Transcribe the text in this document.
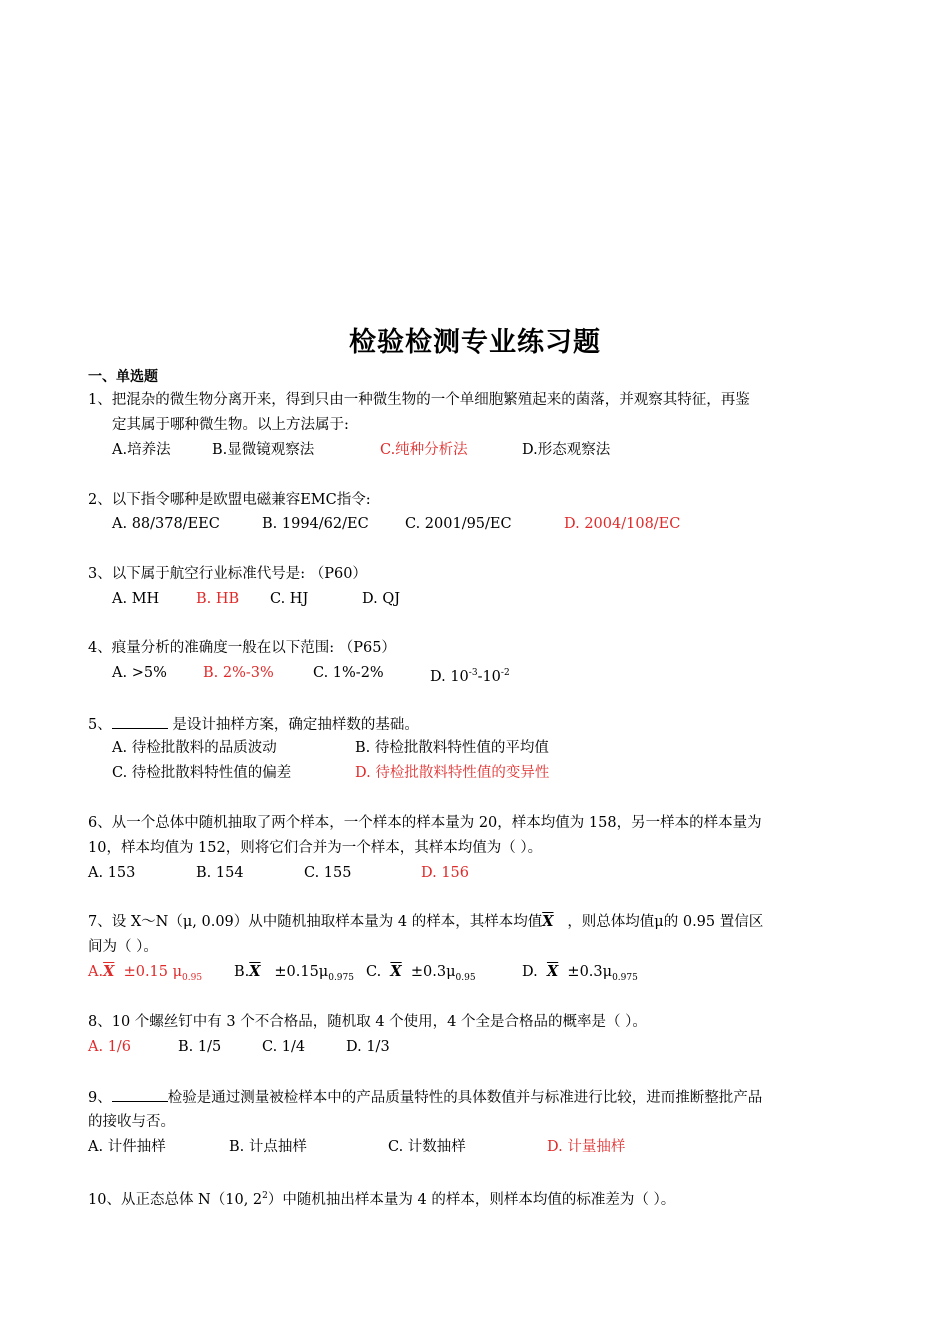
检验检测专业练习题
一、单选题
1、把混杂的微生物分离开来，得到只由一种微生物的一个单细胞繁殖起来的菌落，并观察其特征，再鉴
定其属于哪种微生物。以上方法属于:
A.培养法	B.显微镜观察法	C.纯种分析法	D.形态观察法
2、以下指令哪种是欧盟电磁兼容EMC指令:
A. 88/378/EEC	B. 1994/62/EC	C. 2001/95/EC	D. 2004/108/EC
3、以下属于航空行业标准代号是: （P60）
A. MH	B. HB C. HJ	D. QJ
4、痕量分析的准确度一般在以下范围: （P65）
A. >5% B. 2%-3%	C. 1%-2%	D. $10^{-3}-10^{-2}$
5、	是设计抽样方案，确定抽样数的基础。
A. 待检批散料的品质波动	B. 待检批散料特性值的平均值
C. 待检批散料特性值的偏差	D. 待检批散料特性值的变异性
6、从一个总体中随机抽取了两个样本，一个样本的样本量为 20，样本均值为 158，另一样本的样本量为
10，样本均值为 152，则将它们合并为一个样本，其样本均值为（ ）。
A. 153	B. 154	C. 155	D. 156
7、设 X～N（μ, 0.09）从中随机抽取样本量为 4 的样本，其样本均值$\overline{X}$ ，则总体均值μ的 0.95 置信区
间为（ ）。
$A.\overline{X} \pm 0.15$ $\mu_{0.95}$ $B.\overline{X} \pm 0.15\mu_{0.975}$ C. $\overline{X} \pm 0.3\mu_{0.95}$	D. $\overline{X} \pm 0.3\mu_{0.975}$
8、10 个螺丝钉中有 3 个不合格品，随机取 4 个使用，4 个全是合格品的概率是（ ）。
A. 1/6	B. 1/5	C. 1/4	D. 1/3
9、	检验是通过测量被检样本中的产品质量特性的具体数值并与标准进行比较，进而推断整批产品
的接收与否。
A. 计件抽样	B. 计点抽样	C. 计数抽样	D. 计量抽样
10、从正态总体 N（10, $2^2$）中随机抽出样本量为 4 的样本，则样本均值的标准差为（ ）。
